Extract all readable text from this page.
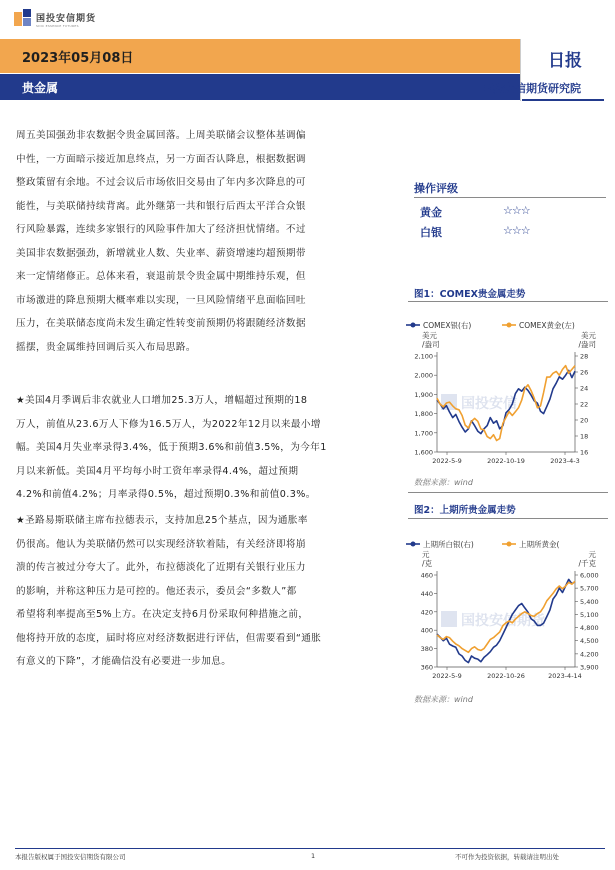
国投安信期货
SDIC ESSENCE FUTURES
2023年05月08日
贵金属
日报
国投安信期货研究院
周五美国强劲非农数据令贵金属回落。上周美联储会议整体基调偏
中性，一方面暗示接近加息终点，另一方面否认降息，根据数据调
整政策留有余地。不过会议后市场依旧交易由了年内多次降息的可
能性，与美联储持续背离。此外继第一共和银行后西太平洋合众银
行风险暴露，连续多家银行的风险事件加大了经济担忧情绪。不过
美国非农数据强劲，新增就业人数、失业率、薪资增速均超预期带
来一定情绪修正。总体来看，衰退前景令贵金属中期维持乐观，但
市场激进的降息预期大概率难以实现，一旦风险情绪平息面临回吐
压力，在美联储态度尚未发生确定性转变前预期仍将跟随经济数据
摇摆，贵金属维持回调后买入布局思路。
★美国4月季调后非农就业人口增加25.3万人，增幅超过预期的18
万人，前值从23.6万人下修为16.5万人，为2022年12月以来最小增
幅。美国4月失业率录得3.4%，低于预期3.6%和前值3.5%，为今年1
月以来新低。美国4月平均每小时工资年率录得4.4%，超过预期
4.2%和前值4.2%；月率录得0.5%，超过预期0.3%和前值0.3%。
★圣路易斯联储主席布拉德表示，支持加息25个基点，因为通胀率
仍很高。他认为美联储仍然可以实现经济软着陆，有关经济即将崩
溃的传言被过分夸大了。此外，布拉德淡化了近期有关银行业压力
的影响，并称这种压力是可控的。他还表示，委员会“多数人”都
希望将利率提高至5%上方。在决定支持6月份采取何种措施之前，
他将持开放的态度，届时将应对经济数据进行评估，但需要看到“通胀
有意义的下降”，才能确信没有必要进一步加息。
操作评级
黄金	☆☆☆
白银	☆☆☆
图1：COMEX贵金属走势
COMEX银(右)	COMEX黄金(左)
美元
/盎司
美元
/盎司
国投安信
1,600
1,700
1,800
1,900
2,000
2,100
16
18
20
22
24
26
28
2022-5-9	2022-10-19	2023-4-3
数据来源：wind
图2：上期所贵金属走势
上期所白银(右)	上期所黄金(
元
/克
元
/千克
国投安信期货
360
380
400
420
440
460
3,900
4,200
4,500
4,800
5,100
5,400
5,700
6,000
2022-5-9	2022-10-26	2023-4-14
数据来源：wind
本报告版权属于国投安信期货有限公司	1	不可作为投资依据，转载请注明出处
